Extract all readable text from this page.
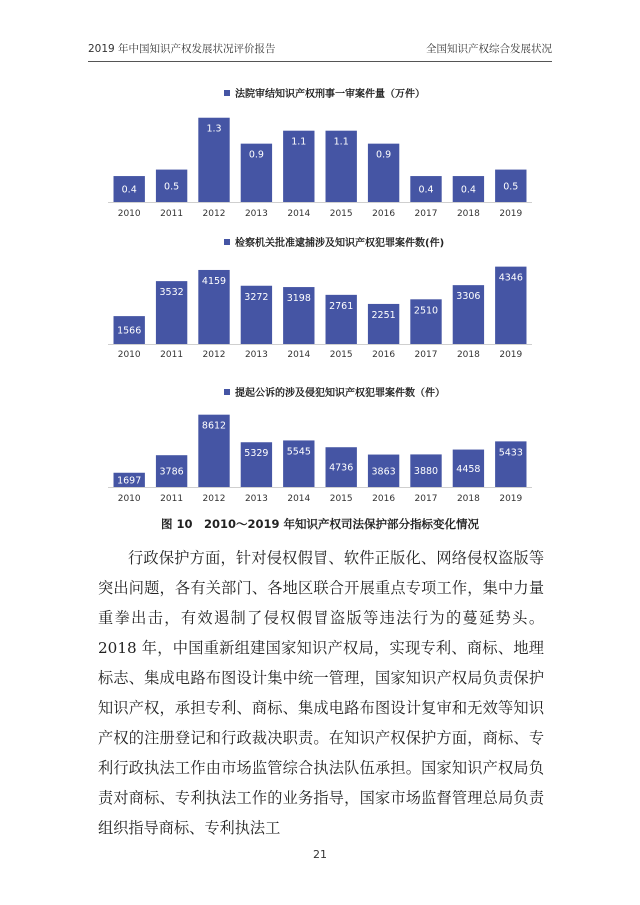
2019 年中国知识产权发展状况评价报告	全国知识产权综合发展状况
法院审结知识产权刑事一审案件量（万件）
0.4
2010
0.5
2011
1.3
2012
0.9
2013
1.1
2014
1.1
2015
0.9
2016
0.4
2017
0.4
2018
0.5
2019
检察机关批准逮捕涉及知识产权犯罪案件数(件)
1566
2010
3532
2011
4159
2012
3272
2013
3198
2014
2761
2015
2251
2016
2510
2017
3306
2018
4346
2019
提起公诉的涉及侵犯知识产权犯罪案件数（件）
1697
2010
3786
2011
8612
2012
5329
2013
5545
2014
4736
2015
3863
2016
3880
2017
4458
2018
5433
2019
图 10　2010～2019 年知识产权司法保护部分指标变化情况

行政保护方面，针对侵权假冒、软件正版化、网络侵权盗版等突出问题，各有关部门、各地区联合开展重点专项工作，集中力量重拳出击，有效遏制了侵权假冒盗版等违法行为的蔓延势头。2018 年，中国重新组建国家知识产权局，实现专利、商标、地理标志、集成电路布图设计集中统一管理，国家知识产权局负责保护知识产权，承担专利、商标、集成电路布图设计复审和无效等知识产权的注册登记和行政裁决职责。在知识产权保护方面，商标、专利行政执法工作由市场监管综合执法队伍承担。国家知识产权局负责对商标、专利执法工作的业务指导，国家市场监督管理总局负责组织指导商标、专利执法工

21
